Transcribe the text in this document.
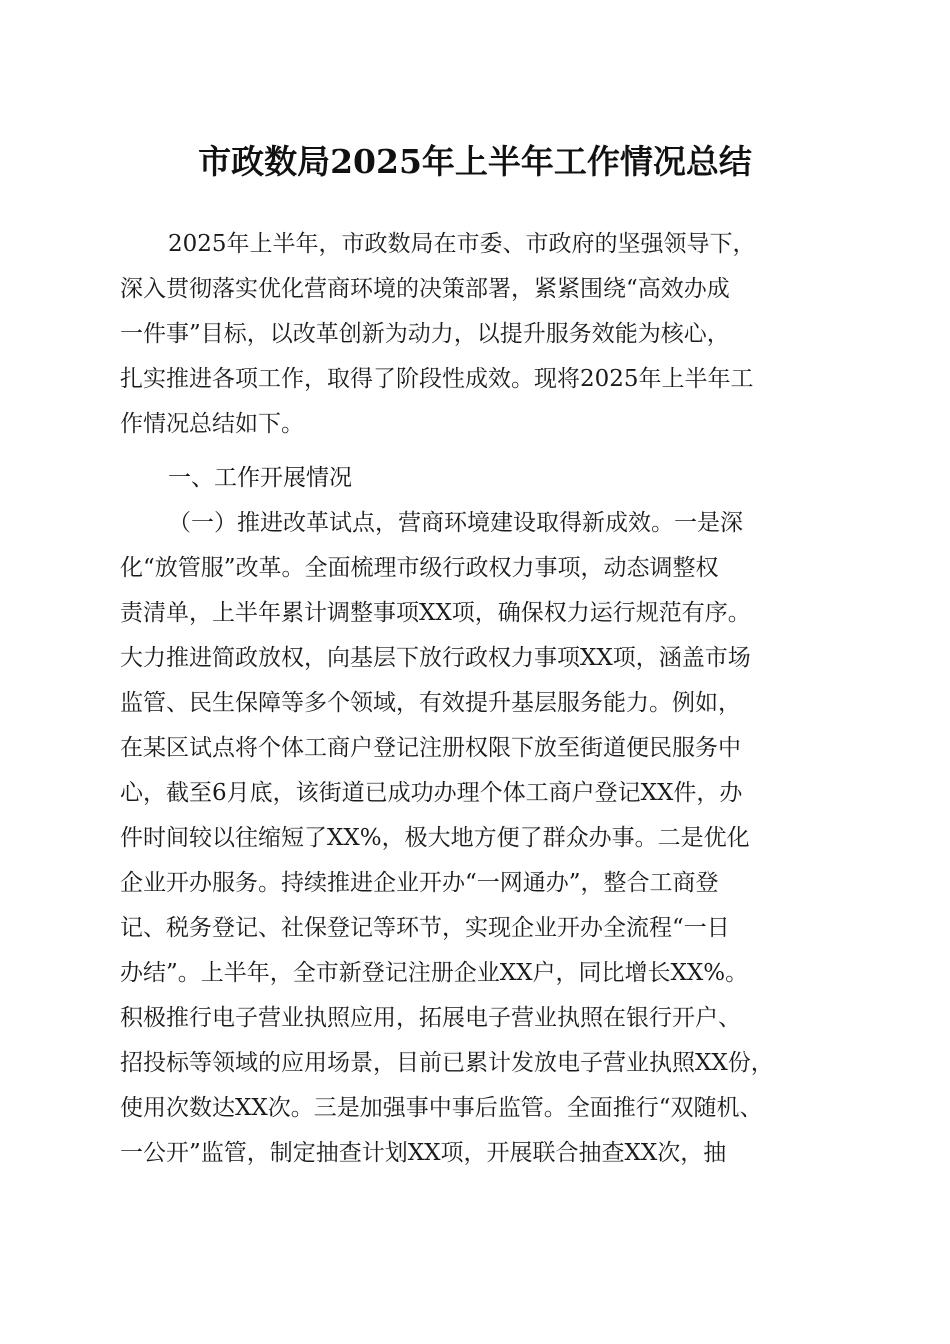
市政数局2025年上半年工作情况总结
2025年上半年，市政数局在市委、市政府的坚强领导下，
深入贯彻落实优化营商环境的决策部署，紧紧围绕“高效办成
一件事”目标，以改革创新为动力，以提升服务效能为核心，
扎实推进各项工作，取得了阶段性成效。现将2025年上半年工
作情况总结如下。
一、工作开展情况
（一）推进改革试点，营商环境建设取得新成效。一是深
化“放管服”改革。全面梳理市级行政权力事项，动态调整权
责清单，上半年累计调整事项XX项，确保权力运行规范有序。
大力推进简政放权，向基层下放行政权力事项XX项，涵盖市场
监管、民生保障等多个领域，有效提升基层服务能力。例如，
在某区试点将个体工商户登记注册权限下放至街道便民服务中
心，截至6月底，该街道已成功办理个体工商户登记XX件，办
件时间较以往缩短了XX%，极大地方便了群众办事。二是优化
企业开办服务。持续推进企业开办“一网通办”，整合工商登
记、税务登记、社保登记等环节，实现企业开办全流程“一日
办结”。上半年，全市新登记注册企业XX户，同比增长XX%。
积极推行电子营业执照应用，拓展电子营业执照在银行开户、
招投标等领域的应用场景，目前已累计发放电子营业执照XX份，
使用次数达XX次。三是加强事中事后监管。全面推行“双随机、
一公开”监管，制定抽查计划XX项，开展联合抽查XX次，抽
